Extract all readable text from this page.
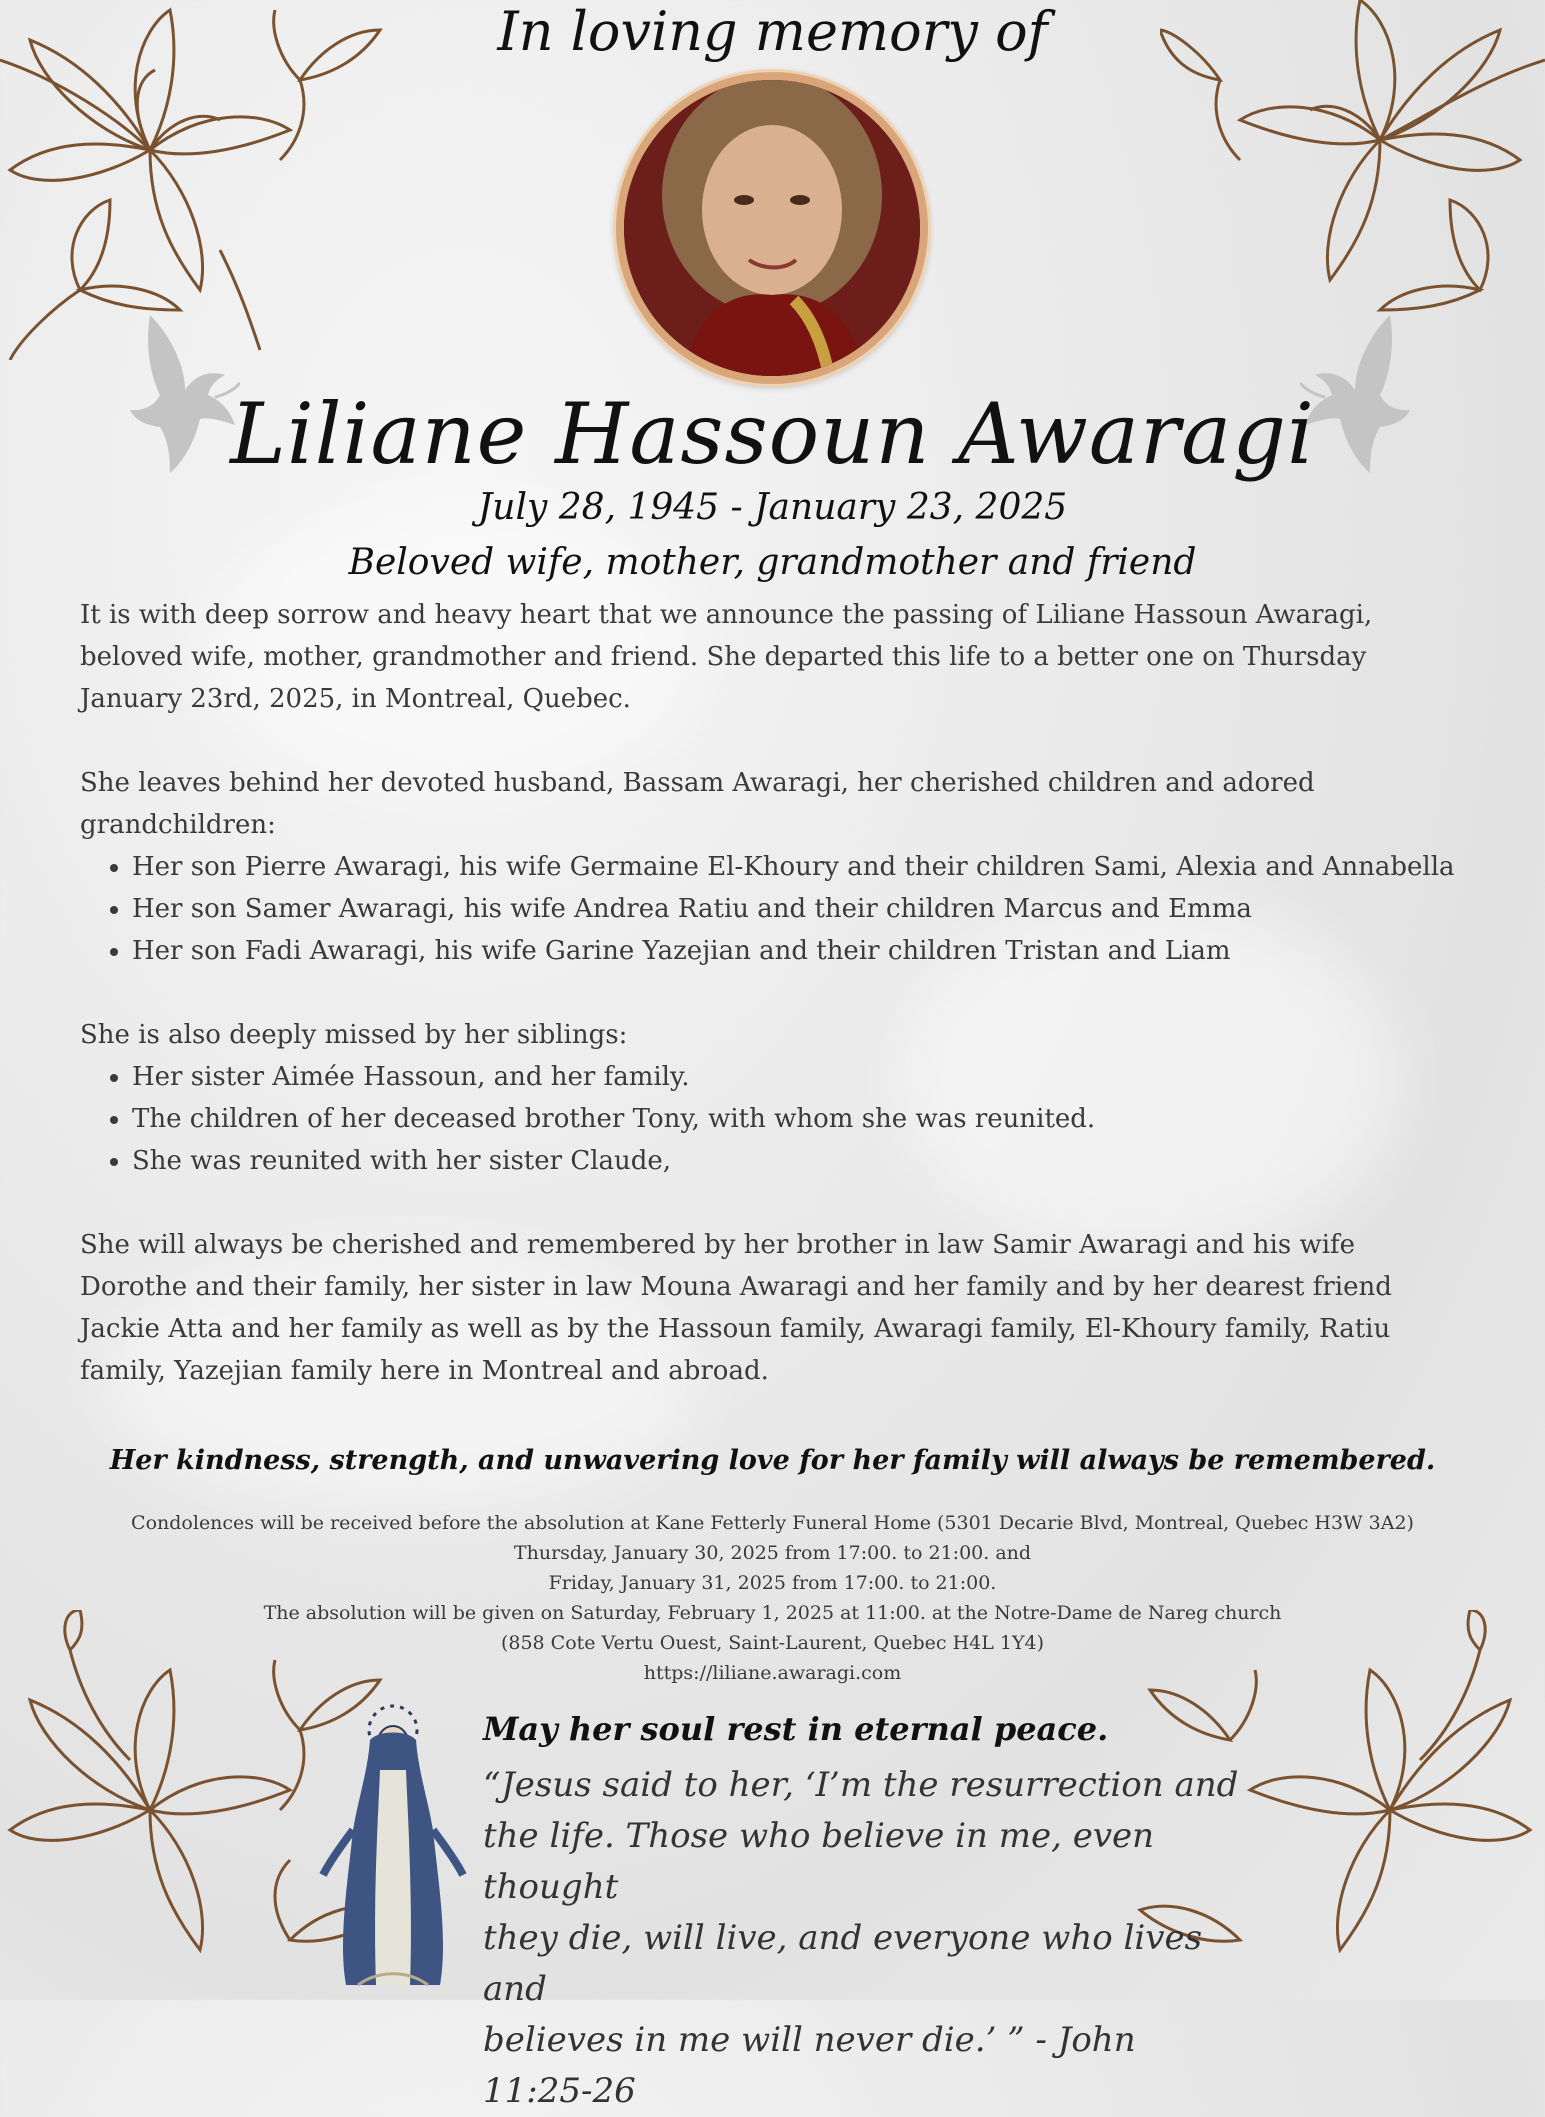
In loving memory of
Liliane Hassoun Awaragi
July 28, 1945 - January 23, 2025
Beloved wife, mother, grandmother and friend

It is with deep sorrow and heavy heart that we announce the passing of Liliane Hassoun Awaragi, beloved wife, mother, grandmother and friend. She departed this life to a better one on Thursday January 23rd, 2025, in Montreal, Quebec.

She leaves behind her devoted husband, Bassam Awaragi, her cherished children and adored grandchildren:

• Her son Pierre Awaragi, his wife Germaine El-Khoury and their children Sami, Alexia and Annabella
• Her son Samer Awaragi, his wife Andrea Ratiu and their children Marcus and Emma
• Her son Fadi Awaragi, his wife Garine Yazejian and their children Tristan and Liam

She is also deeply missed by her siblings:

• Her sister Aimée Hassoun, and her family.
• The children of her deceased brother Tony, with whom she was reunited.
• She was reunited with her sister Claude,

She will always be cherished and remembered by her brother in law Samir Awaragi and his wife Dorothe and their family, her sister in law Mouna Awaragi and her family and by her dearest friend Jackie Atta and her family as well as by the Hassoun family, Awaragi family, El-Khoury family, Ratiu family, Yazejian family here in Montreal and abroad.

Her kindness, strength, and unwavering love for her family will always be remembered.
Condolences will be received before the absolution at Kane Fetterly Funeral Home (5301 Decarie Blvd, Montreal, Quebec H3W 3A2)
Thursday, January 30, 2025 from 17:00. to 21:00. and
Friday, January 31, 2025 from 17:00. to 21:00.
The absolution will be given on Saturday, February 1, 2025 at 11:00. at the Notre-Dame de Nareg church
(858 Cote Vertu Ouest, Saint-Laurent, Quebec H4L 1Y4)
https://liliane.awaragi.com
May her soul rest in eternal peace.
“Jesus said to her, ‘I’m the resurrection and
the life. Those who believe in me, even thought
they die, will live, and everyone who lives and
believes in me will never die.’ ” - John 11:25-26
